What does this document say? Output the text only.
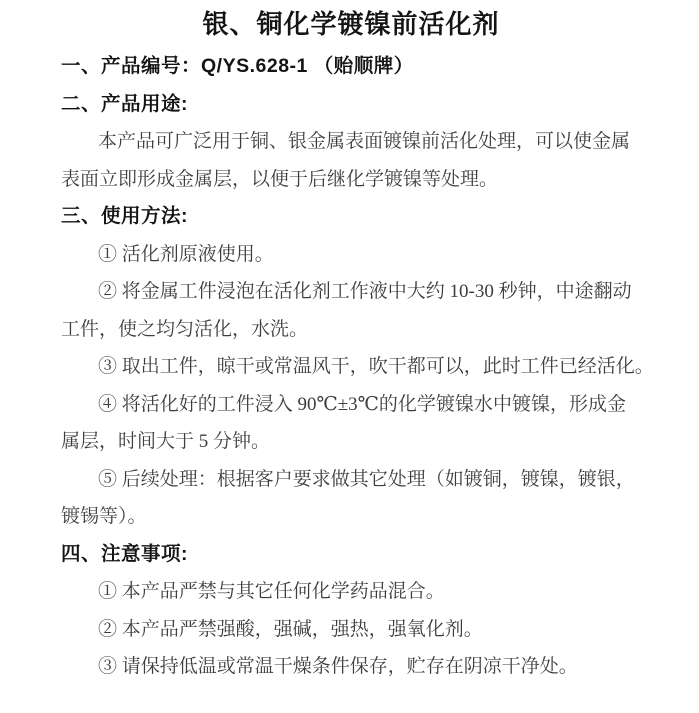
银、铜化学镀镍前活化剂
一、产品编号：Q/YS.628-1 （贻顺牌）
二、产品用途:
本产品可广泛用于铜、银金属表面镀镍前活化处理，可以使金属
表面立即形成金属层，以便于后继化学镀镍等处理。
三、使用方法:
① 活化剂原液使用。
② 将金属工件浸泡在活化剂工作液中大约 10-30 秒钟，中途翻动
工件，使之均匀活化，水洗。
③ 取出工件，晾干或常温风干，吹干都可以，此时工件已经活化。
④ 将活化好的工件浸入 90℃±3℃的化学镀镍水中镀镍，形成金
属层，时间大于 5 分钟。
⑤ 后续处理：根据客户要求做其它处理（如镀铜，镀镍，镀银，
镀锡等）。
四、注意事项:
① 本产品严禁与其它任何化学药品混合。
② 本产品严禁强酸，强碱，强热，强氧化剂。
③ 请保持低温或常温干燥条件保存，贮存在阴凉干净处。
